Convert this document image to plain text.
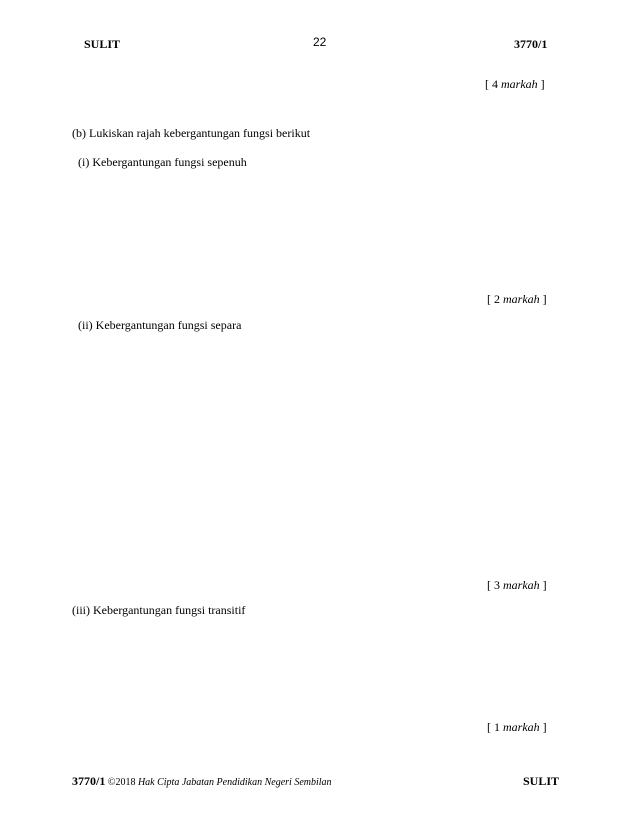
SULIT	22	3770/1
[ 4 markah ]
(b) Lukiskan rajah kebergantungan fungsi berikut
(i) Kebergantungan fungsi sepenuh
[ 2 markah ]
(ii) Kebergantungan fungsi separa
[ 3 markah ]
(iii) Kebergantungan fungsi transitif
[ 1 markah ]
3770/1 ©2018 Hak Cipta Jabatan Pendidikan Negeri Sembilan	SULIT
